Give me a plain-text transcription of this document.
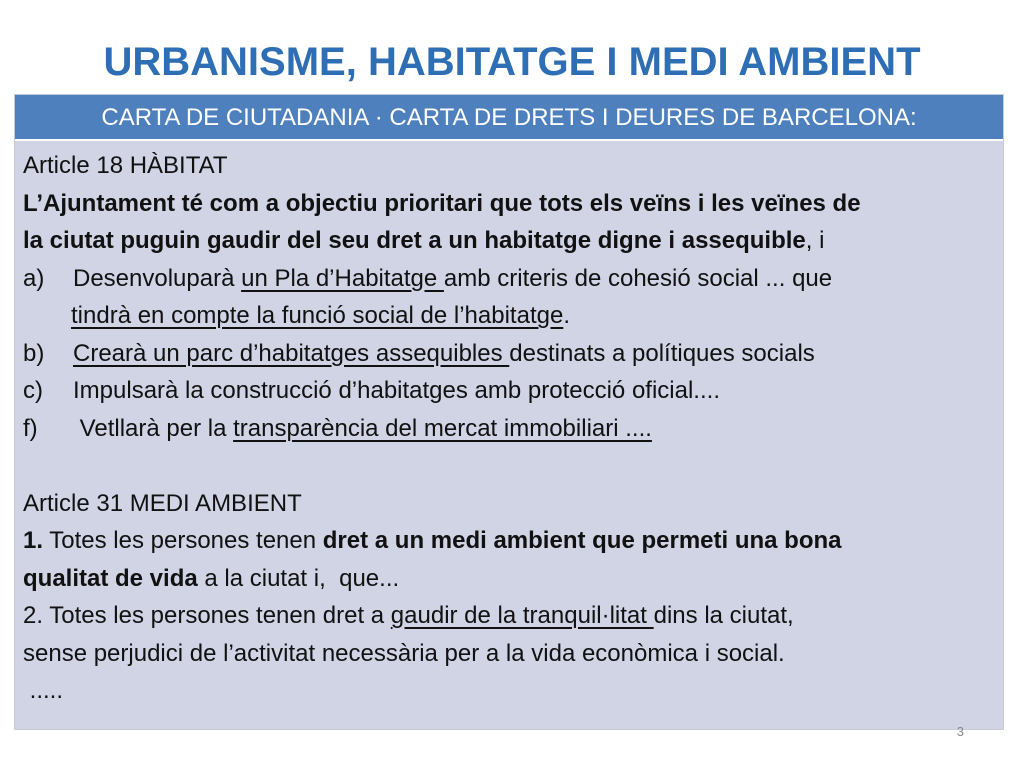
URBANISME, HABITATGE I MEDI AMBIENT
CARTA DE CIUTADANIA · CARTA DE DRETS I DEURES DE BARCELONA:
Article 18 HÀBITAT
L’Ajuntament té com a objectiu prioritari que tots els veïns i les veïnes de
la ciutat puguin gaudir del seu dret a un habitatge digne i assequible, i
a)	Desenvoluparà un Pla d’Habitatge amb criteris de cohesió social ... que
tindrà en compte la funció social de l’habitatge.
b)	Crearà un parc d’habitatges assequibles destinats a polítiques socials
c)	Impulsarà la construcció d’habitatges amb protecció oficial....
f)	Vetllarà per la transparència del mercat immobiliari ....
Article 31 MEDI AMBIENT
1. Totes les persones tenen dret a un medi ambient que permeti una bona
qualitat de vida a la ciutat i,  que...
2. Totes les persones tenen dret a gaudir de la tranquil·litat dins la ciutat,
sense perjudici de l’activitat necessària per a la vida econòmica i social.
.....
3
